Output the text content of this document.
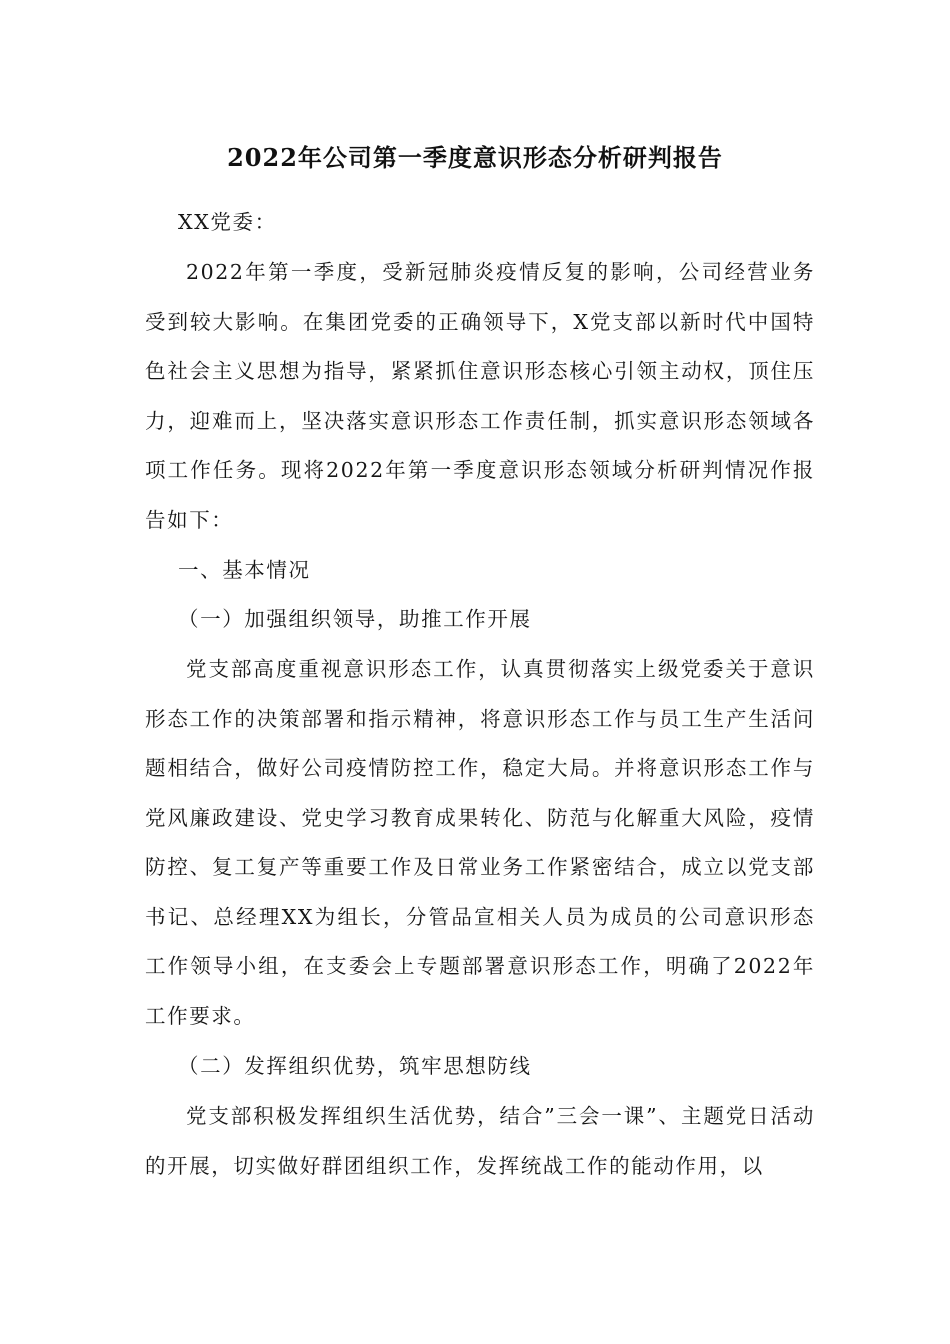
2022年公司第一季度意识形态分析研判报告

XX党委：

2022年第一季度，受新冠肺炎疫情反复的影响，公司经营业务受到较大影响。在集团党委的正确领导下，X党支部以新时代中国特色社会主义思想为指导，紧紧抓住意识形态核心引领主动权，顶住压力，迎难而上，坚决落实意识形态工作责任制，抓实意识形态领域各项工作任务。现将2022年第一季度意识形态领域分析研判情况作报告如下：

一、基本情况

（一）加强组织领导，助推工作开展

党支部高度重视意识形态工作，认真贯彻落实上级党委关于意识形态工作的决策部署和指示精神，将意识形态工作与员工生产生活问题相结合，做好公司疫情防控工作，稳定大局。并将意识形态工作与党风廉政建设、党史学习教育成果转化、防范与化解重大风险，疫情防控、复工复产等重要工作及日常业务工作紧密结合，成立以党支部书记、总经理XX为组长，分管品宣相关人员为成员的公司意识形态工作领导小组，在支委会上专题部署意识形态工作，明确了2022年工作要求。

（二）发挥组织优势，筑牢思想防线

党支部积极发挥组织生活优势，结合”三会一课”、主题党日活动的开展，切实做好群团组织工作，发挥统战工作的能动作用，以
